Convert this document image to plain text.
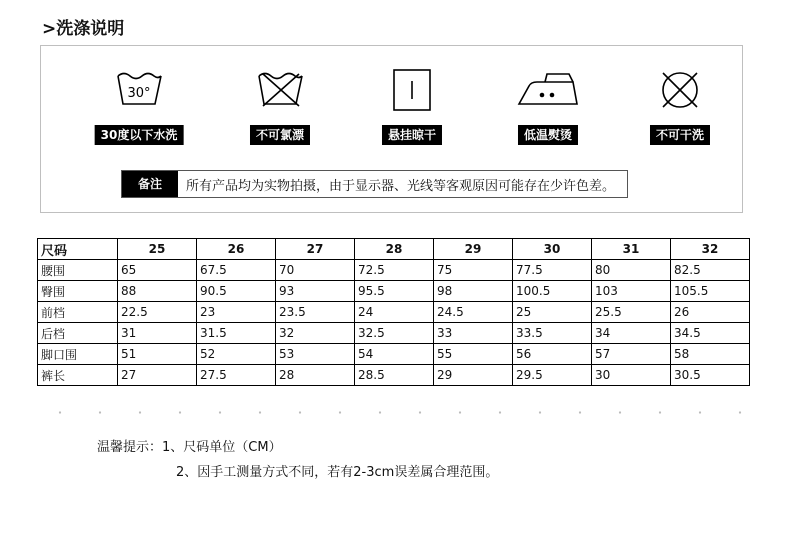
>洗涤说明
30°
30度以下水洗	不可氯漂	悬挂晾干	低温熨烫	不可干洗
备注	所有产品均为实物拍摄，由于显示器、光线等客观原因可能存在少许色差。
尺码	25	26	27	28	29	30	31	32
腰围	65	67.5	70	72.5	75	77.5	80	82.5
臀围	88	90.5	93	95.5	98	100.5	103	105.5
前档	22.5	23	23.5	24	24.5	25	25.5	26
后档	31	31.5	32	32.5	33	33.5	34	34.5
脚口围	51	52	53	54	55	56	57	58
裤长	27	27.5	28	28.5	29	29.5	30	30.5
温馨提示：1、尺码单位（CM）
2、因手工测量方式不同，若有2-3cm误差属合理范围。
